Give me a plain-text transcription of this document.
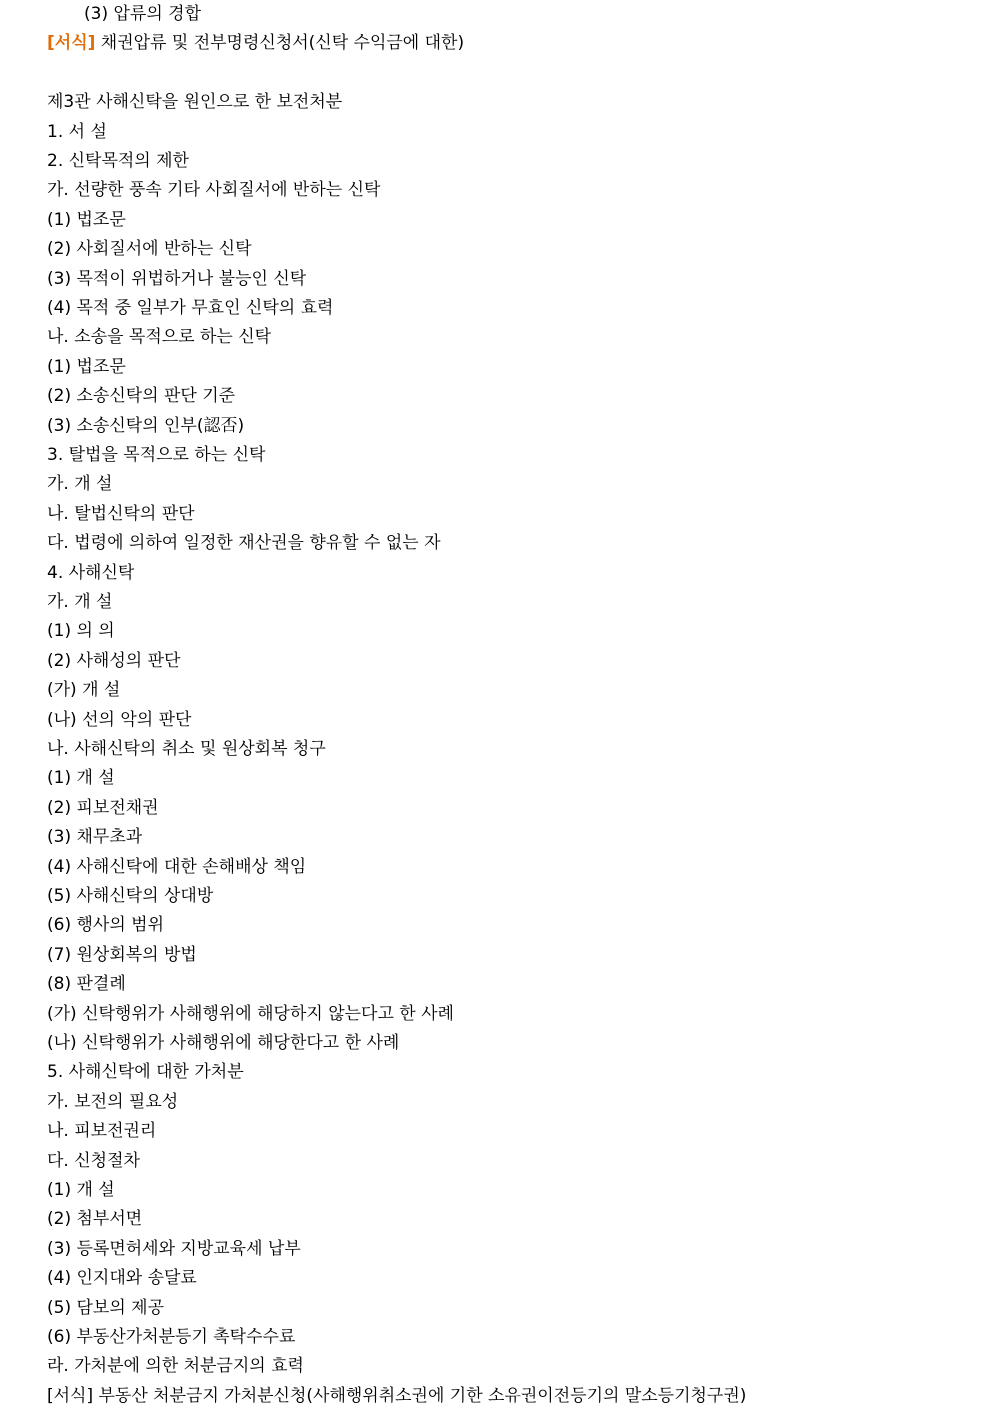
(3) 압류의 경합
[서식] 채권압류 및 전부명령신청서(신탁 수익금에 대한)
제3관 사해신탁을 원인으로 한 보전처분
1. 서 설
2. 신탁목적의 제한
가. 선량한 풍속 기타 사회질서에 반하는 신탁
(1) 법조문
(2) 사회질서에 반하는 신탁
(3) 목적이 위법하거나 불능인 신탁
(4) 목적 중 일부가 무효인 신탁의 효력
나. 소송을 목적으로 하는 신탁
(1) 법조문
(2) 소송신탁의 판단 기준
(3) 소송신탁의 인부(認否)
3. 탈법을 목적으로 하는 신탁
가. 개 설
나. 탈법신탁의 판단
다. 법령에 의하여 일정한 재산권을 향유할 수 없는 자
4. 사해신탁
가. 개 설
(1) 의 의
(2) 사해성의 판단
(가) 개 설
(나) 선의 악의 판단
나. 사해신탁의 취소 및 원상회복 청구
(1) 개 설
(2) 피보전채권
(3) 채무초과
(4) 사해신탁에 대한 손해배상 책임
(5) 사해신탁의 상대방
(6) 행사의 범위
(7) 원상회복의 방법
(8) 판결례
(가) 신탁행위가 사해행위에 해당하지 않는다고 한 사례
(나) 신탁행위가 사해행위에 해당한다고 한 사례
5. 사해신탁에 대한 가처분
가. 보전의 필요성
나. 피보전권리
다. 신청절차
(1) 개 설
(2) 첨부서면
(3) 등록면허세와 지방교육세 납부
(4) 인지대와 송달료
(5) 담보의 제공
(6) 부동산가처분등기 촉탁수수료
라. 가처분에 의한 처분금지의 효력
[서식] 부동산 처분금지 가처분신청(사해행위취소권에 기한 소유권이전등기의 말소등기청구권)
